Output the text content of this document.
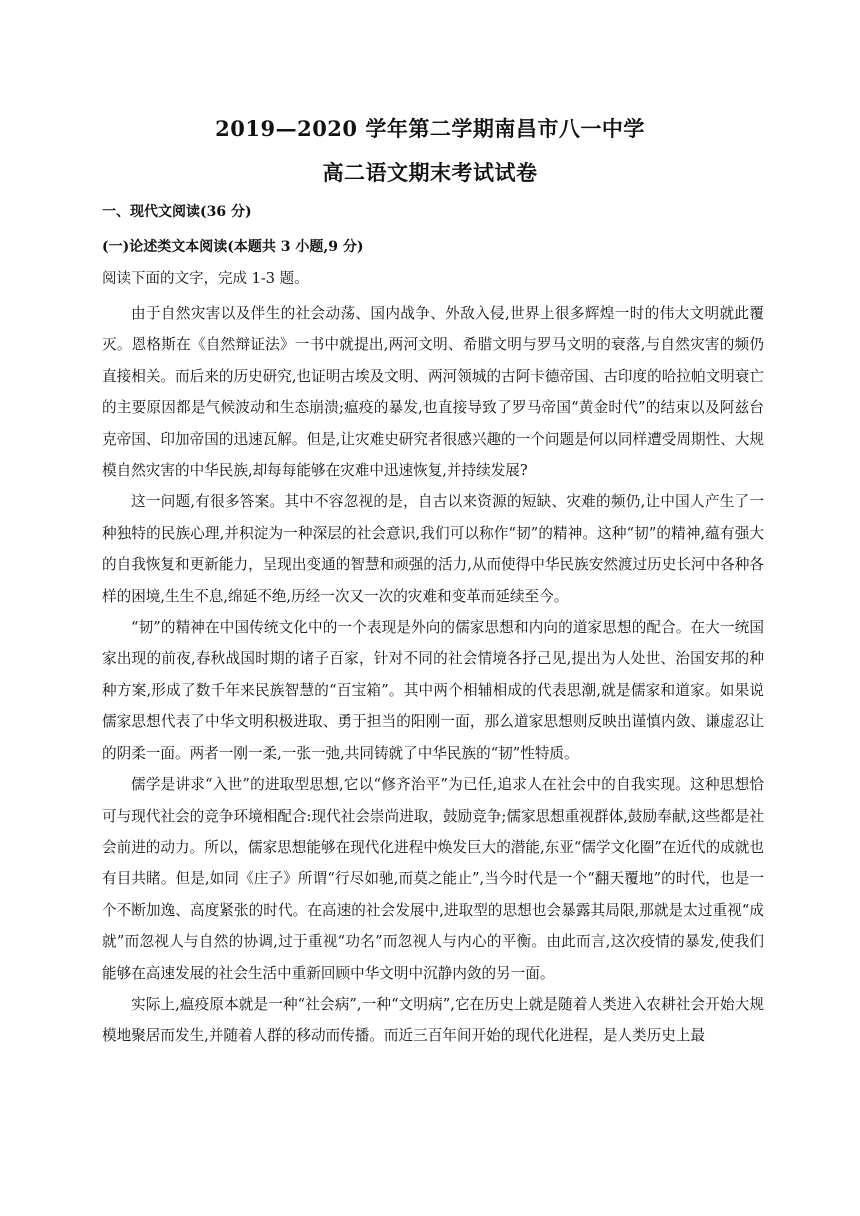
2019—2020 学年第二学期南昌市八一中学
高二语文期末考试试卷
一、现代文阅读(36 分)
(一)论述类文本阅读(本题共 3 小题,9 分)
阅读下面的文字，完成 1-3 题。

由于自然灾害以及伴生的社会动荡、国内战争、外敌入侵,世界上很多辉煌一时的伟大文明就此覆灭。恩格斯在《自然辩证法》一书中就提出,两河文明、希腊文明与罗马文明的衰落,与自然灾害的频仍直接相关。而后来的历史研究,也证明古埃及文明、两河领城的古阿卡德帝国、古印度的哈拉帕文明衰亡的主要原因都是气候波动和生态崩溃;瘟疫的暴发,也直接导致了罗马帝国“黄金时代”的结束以及阿兹台克帝国、印加帝国的迅速瓦解。但是,让灾难史研究者很感兴趣的一个问题是何以同样遭受周期性、大规模自然灾害的中华民族,却每每能够在灾难中迅速恢复,并持续发展?

这一问题,有很多答案。其中不容忽视的是，自古以来资源的短缺、灾难的频仍,让中国人产生了一种独特的民族心理,并积淀为一种深层的社会意识,我们可以称作“韧”的精神。这种“韧”的精神,蕴有强大的自我恢复和更新能力，呈现出变通的智慧和顽强的活力,从而使得中华民族安然渡过历史长河中各种各样的困境,生生不息,绵延不绝,历经一次又一次的灾难和变革而延续至今。

“韧”的精神在中国传统文化中的一个表现是外向的儒家思想和内向的道家思想的配合。在大一统国家出现的前夜,春秋战国时期的诸子百家，针对不同的社会情境各抒己见,提出为人处世、治国安邦的种种方案,形成了数千年来民族智慧的“百宝箱”。其中两个相辅相成的代表思潮,就是儒家和道家。如果说儒家思想代表了中华文明积极进取、勇于担当的阳刚一面，那么道家思想则反映出谨慎内敛、谦虚忍让的阴柔一面。两者一刚一柔,一张一弛,共同铸就了中华民族的“韧”性特质。

儒学是讲求“入世”的进取型思想,它以“修齐治平”为已任,追求人在社会中的自我实现。这种思想恰可与现代社会的竞争环境相配合:现代社会崇尚进取，鼓励竞争;儒家思想重视群体,鼓励奉献,这些都是社会前进的动力。所以，儒家思想能够在现代化进程中焕发巨大的潜能,东亚“儒学文化圈”在近代的成就也有目共睹。但是,如同《庄子》所谓“行尽如驰,而莫之能止”,当今时代是一个“翻天覆地”的时代，也是一个不断加逸、高度紧张的时代。在高速的社会发展中,进取型的思想也会暴露其局限,那就是太过重视“成就”而忽视人与自然的协调,过于重视“功名”而忽视人与内心的平衡。由此而言,这次疫情的暴发,使我们能够在高速发展的社会生活中重新回顾中华文明中沉静内敛的另一面。

实际上,瘟疫原本就是一种“社会病”,一种“文明病”,它在历史上就是随着人类进入农耕社会开始大规模地聚居而发生,并随着人群的移动而传播。而近三百年间开始的现代化进程，是人类历史上最
